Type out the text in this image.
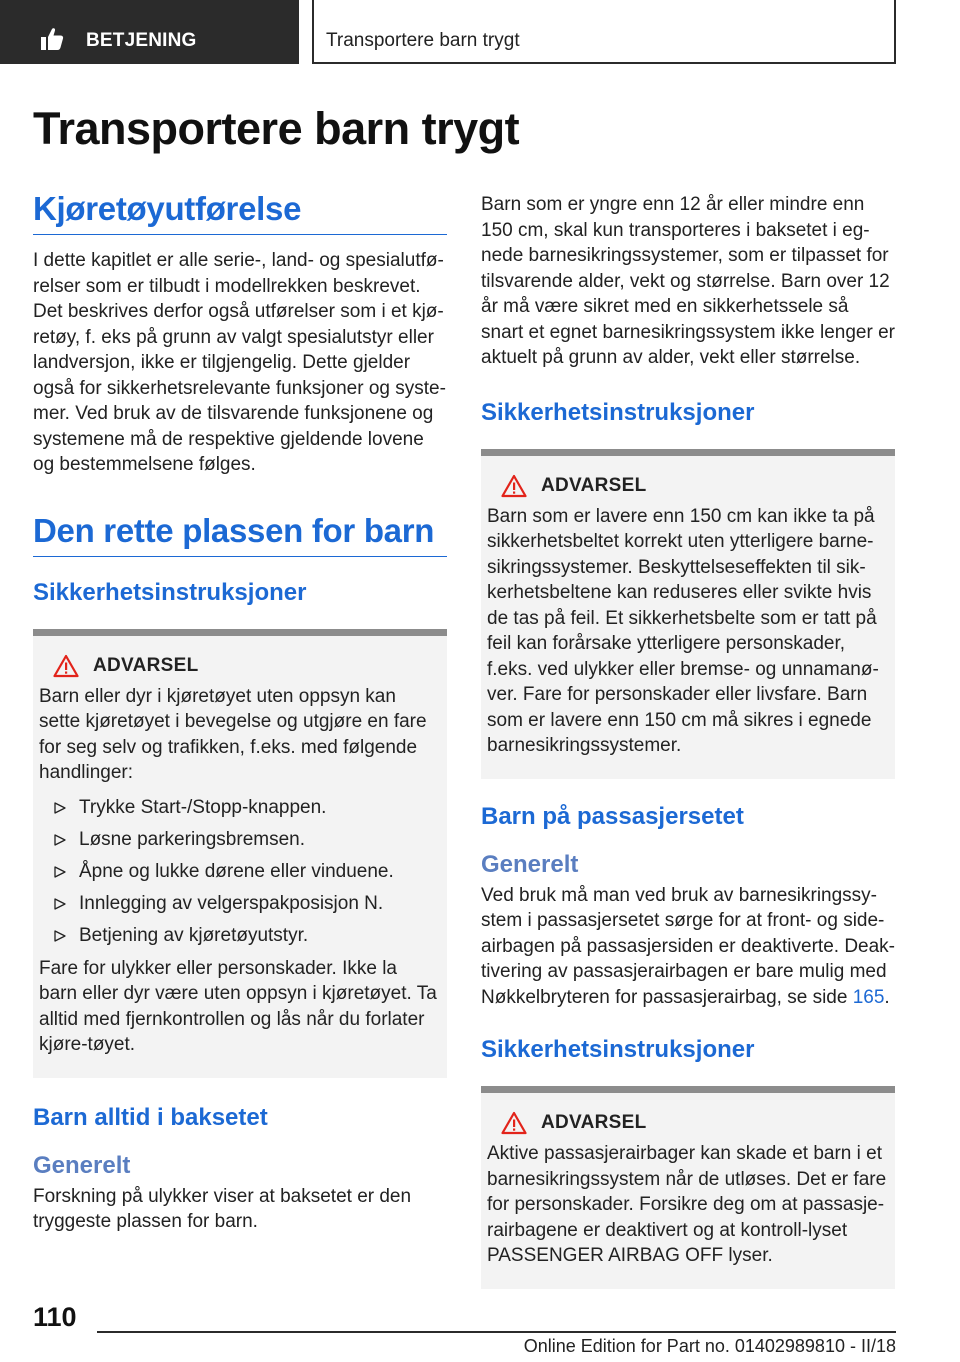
BETJENING	Transportere barn trygt
Transportere barn trygt
Kjøretøyutførelse
I dette kapitlet er alle serie-, land- og spesialutfø-relser som er tilbudt i modellrekken beskrevet. Det beskrives derfor også utførelser som i et kjø-retøy, f. eks på grunn av valgt spesialutstyr eller landversjon, ikke er tilgjengelig. Dette gjelder også for sikkerhetsrelevante funksjoner og syste-mer. Ved bruk av de tilsvarende funksjonene og systemene må de respektive gjeldende lovene og bestemmelsene følges.
Den rette plassen for barn
Sikkerhetsinstruksjoner
ADVARSEL
Barn eller dyr i kjøretøyet uten oppsyn kan sette kjøretøyet i bevegelse og utgjøre en fare for seg selv og trafikken, f.eks. med følgende handlinger:
Trykke Start-/Stopp-knappen.
Løsne parkeringsbremsen.
Åpne og lukke dørene eller vinduene.
Innlegging av velgerspakposisjon N.
Betjening av kjøretøyutstyr.
Fare for ulykker eller personskader. Ikke la barn eller dyr være uten oppsyn i kjøretøyet. Ta alltid med fjernkontrollen og lås når du forlater kjøre-tøyet.
Barn alltid i baksetet
Generelt
Forskning på ulykker viser at baksetet er den tryggeste plassen for barn.
Barn som er yngre enn 12 år eller mindre enn 150 cm, skal kun transporteres i baksetet i eg-nede barnesikringssystemer, som er tilpasset for tilsvarende alder, vekt og størrelse. Barn over 12 år må være sikret med en sikkerhetssele så snart et egnet barnesikringssystem ikke lenger er aktuelt på grunn av alder, vekt eller størrelse.
Sikkerhetsinstruksjoner
ADVARSEL
Barn som er lavere enn 150 cm kan ikke ta på sikkerhetsbeltet korrekt uten ytterligere barne-sikringssystemer. Beskyttelseseffekten til sik-kerhetsbeltene kan reduseres eller svikte hvis de tas på feil. Et sikkerhetsbelte som er tatt på feil kan forårsake ytterligere personskader, f.eks. ved ulykker eller bremse- og unnamanø-ver. Fare for personskader eller livsfare. Barn som er lavere enn 150 cm må sikres i egnede barnesikringssystemer.
Barn på passasjersetet
Generelt
Ved bruk må man ved bruk av barnesikringssy-stem i passasjersetet sørge for at front- og side-airbagen på passasjersiden er deaktiverte. Deak-tivering av passasjerairbagen er bare mulig med Nøkkelbryteren for passasjerairbag, se side 165.
Sikkerhetsinstruksjoner
ADVARSEL
Aktive passasjerairbager kan skade et barn i et barnesikringssystem når de utløses. Det er fare for personskader. Forsikre deg om at passasje-rairbagene er deaktivert og at kontroll-lyset PASSENGER AIRBAG OFF lyser.
110
Online Edition for Part no. 01402989810 - II/18
